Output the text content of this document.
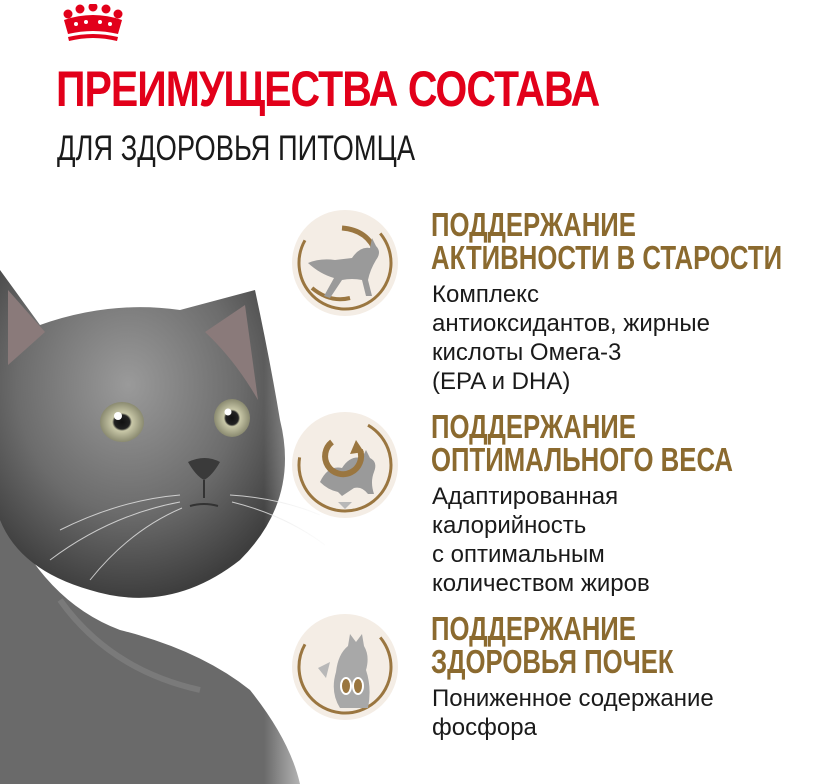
ПРЕИМУЩЕСТВА СОСТАВА
ДЛЯ ЗДОРОВЬЯ ПИТОМЦА
ПОДДЕРЖАНИЕ
АКТИВНОСТИ В СТАРОСТИ

Комплекс
антиоксидантов, жирные
кислоты Омега-3
(EPA и DHA)

ПОДДЕРЖАНИЕ
ОПТИМАЛЬНОГО ВЕСА

Адаптированная
калорийность
с оптимальным
количеством жиров

ПОДДЕРЖАНИЕ
ЗДОРОВЬЯ ПОЧЕК

Пониженное содержание
фосфора
